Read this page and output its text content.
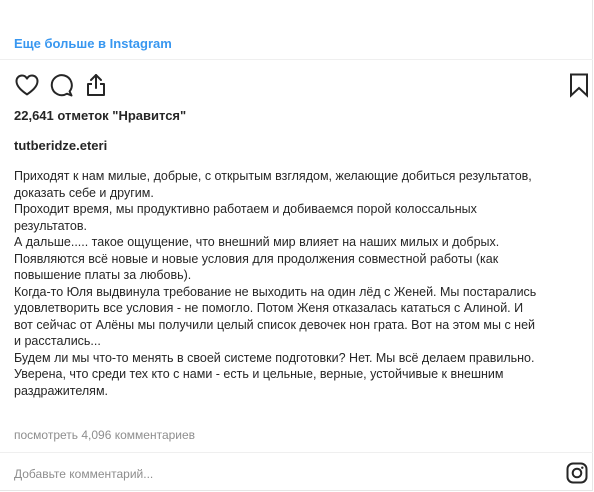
Еще больше в Instagram
22,641 отметок "Нравится"
tutberidze.eteri
Приходят к нам милые, добрые, с открытым взглядом, желающие добиться результатов,
доказать себе и другим.
Проходит время, мы продуктивно работаем и добиваемся порой колоссальных
результатов.
А дальше..... такое ощущение, что внешний мир влияет на наших милых и добрых.
Появляются всё новые и новые условия для продолжения совместной работы (как
повышение платы за любовь).
Когда-то Юля выдвинула требование не выходить на один лёд с Женей. Мы постарались
удовлетворить все условия - не помогло. Потом Женя отказалась кататься с Алиной. И
вот сейчас от Алёны мы получили целый список девочек нон грата. Вот на этом мы с ней
и расстались...
Будем ли мы что-то менять в своей системе подготовки? Нет. Мы всё делаем правильно.
Уверена, что среди тех кто с нами - есть и цельные, верные, устойчивые к внешним
раздражителям.
посмотреть 4,096 комментариев
Добавьте комментарий...
